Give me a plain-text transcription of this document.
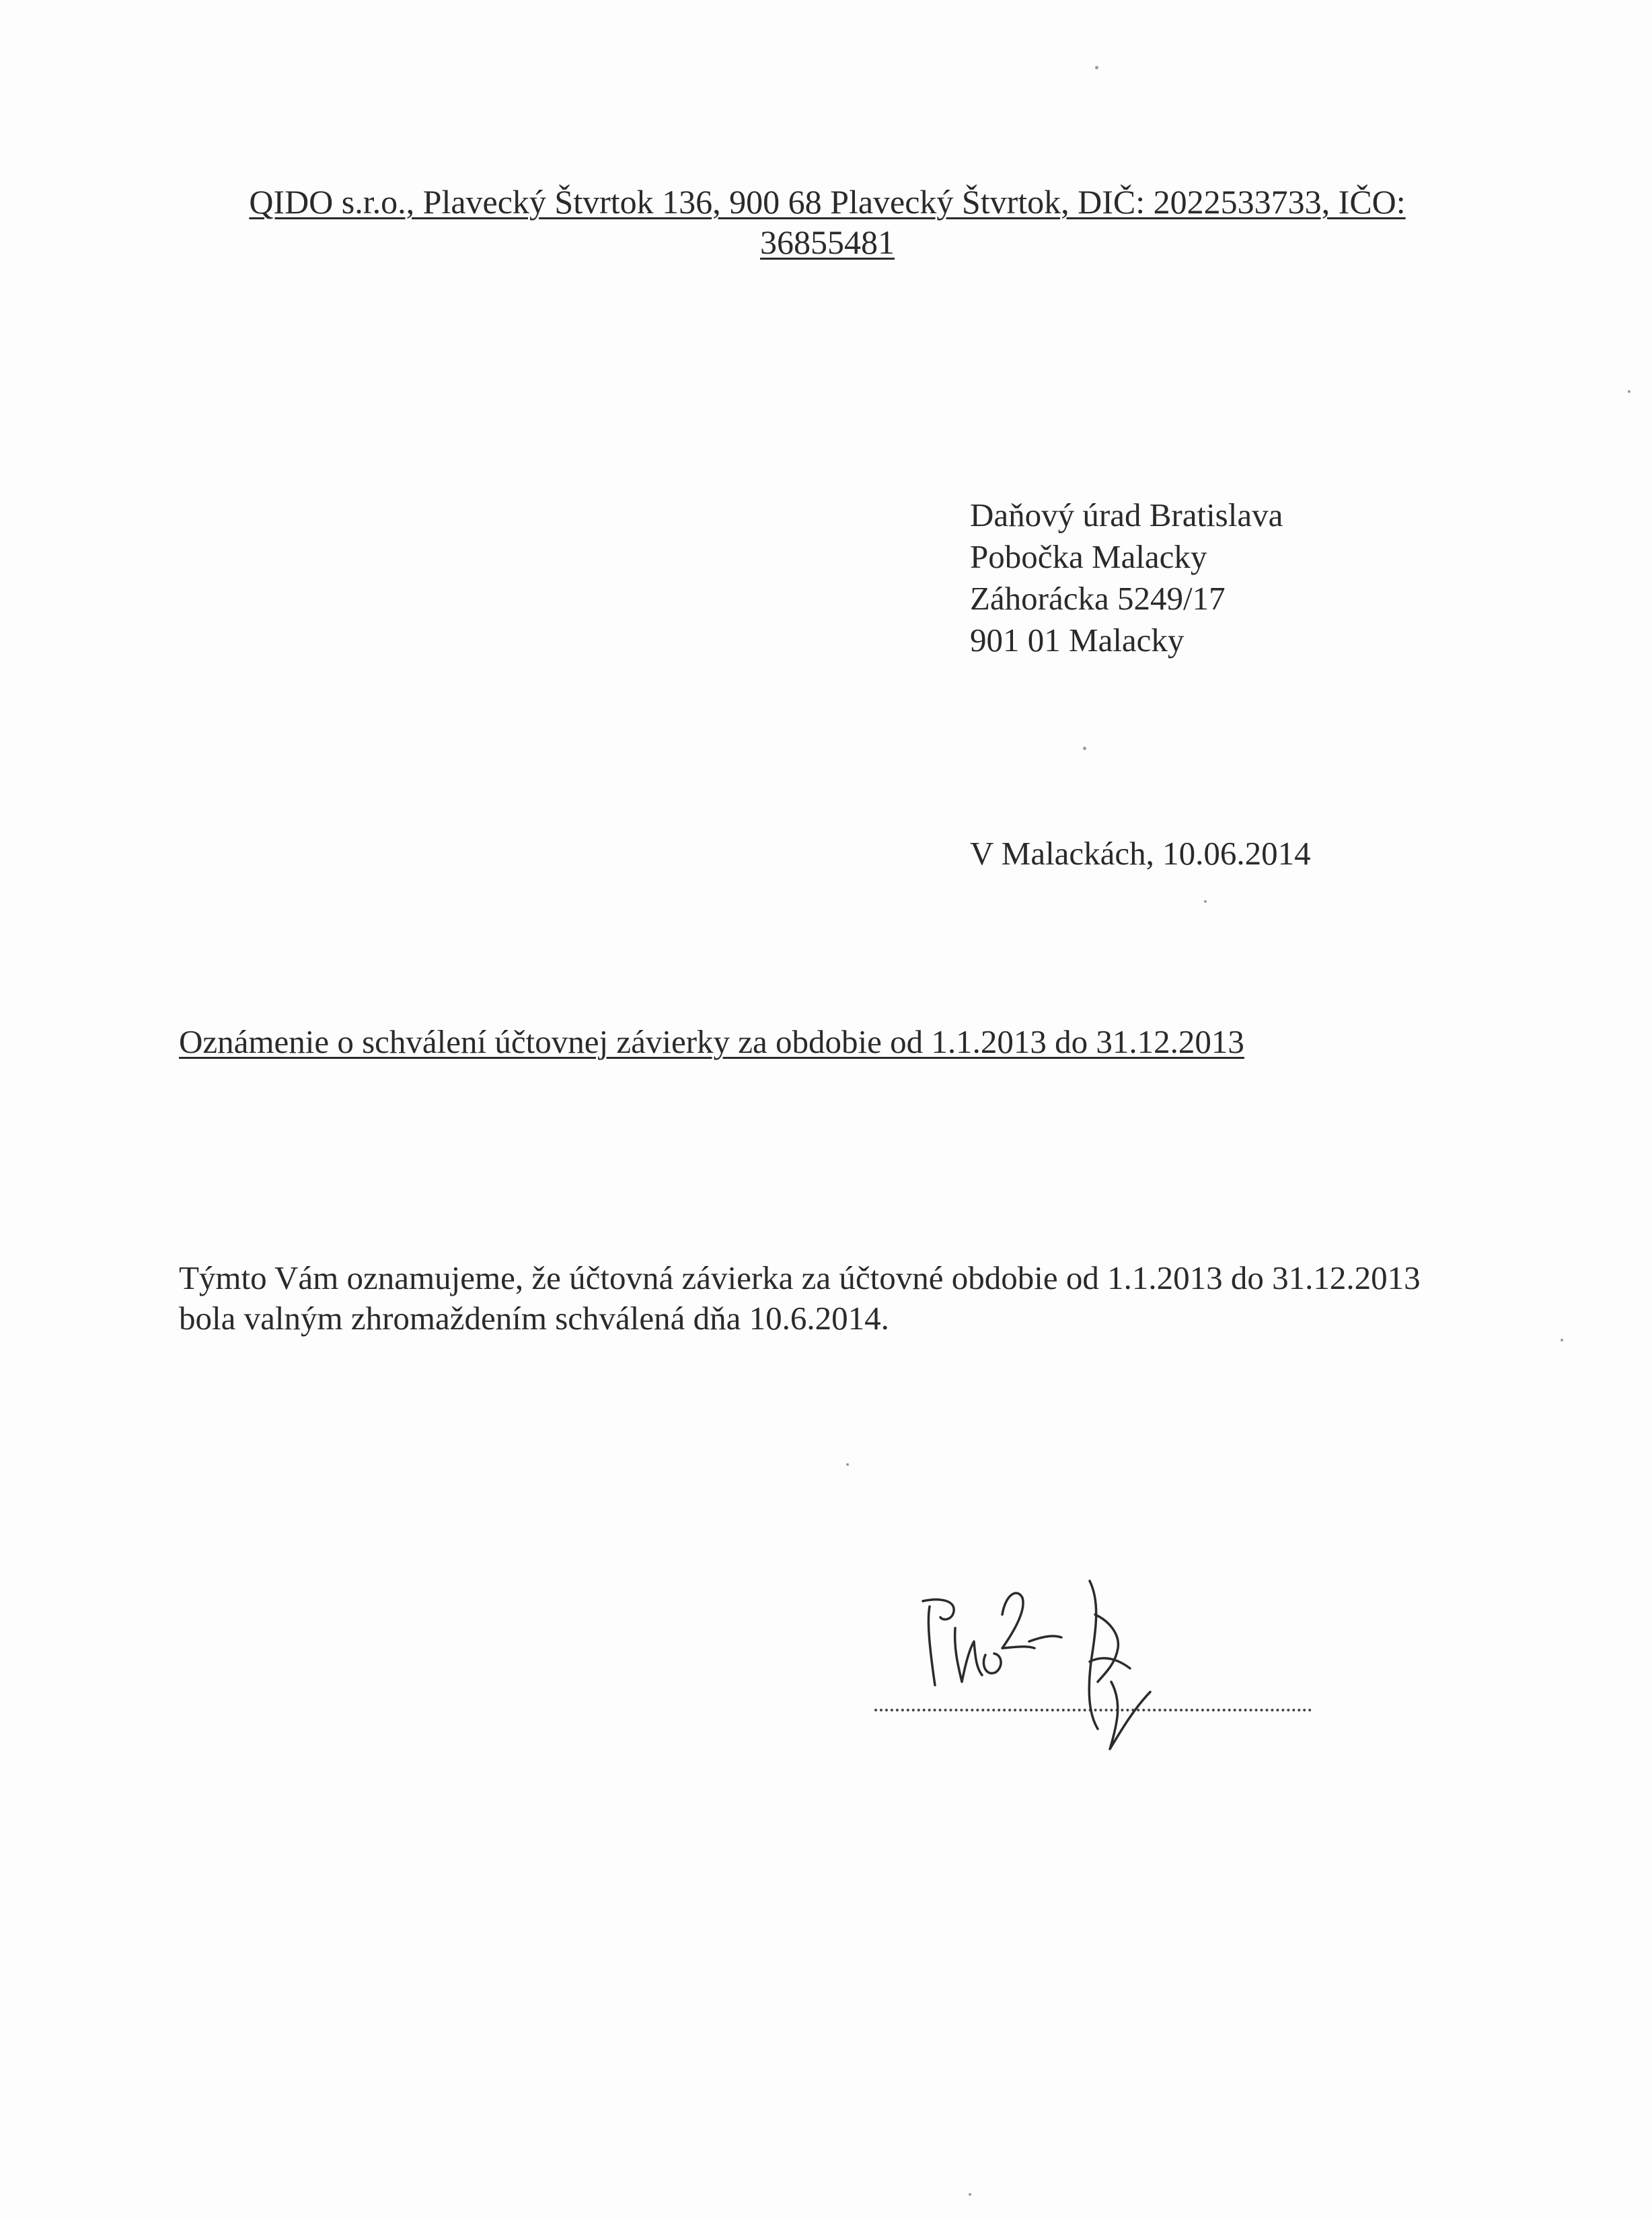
QIDO s.r.o., Plavecký Štvrtok 136, 900 68 Plavecký Štvrtok, DIČ: 2022533733, IČO:
36855481
Daňový úrad Bratislava
Pobočka Malacky
Záhorácka 5249/17
901 01 Malacky
V Malackách, 10.06.2014
Oznámenie o schválení účtovnej závierky za obdobie od 1.1.2013 do 31.12.2013
Týmto Vám oznamujeme, že účtovná závierka za účtovné obdobie od 1.1.2013 do 31.12.2013
bola valným zhromaždením schválená dňa 10.6.2014.
